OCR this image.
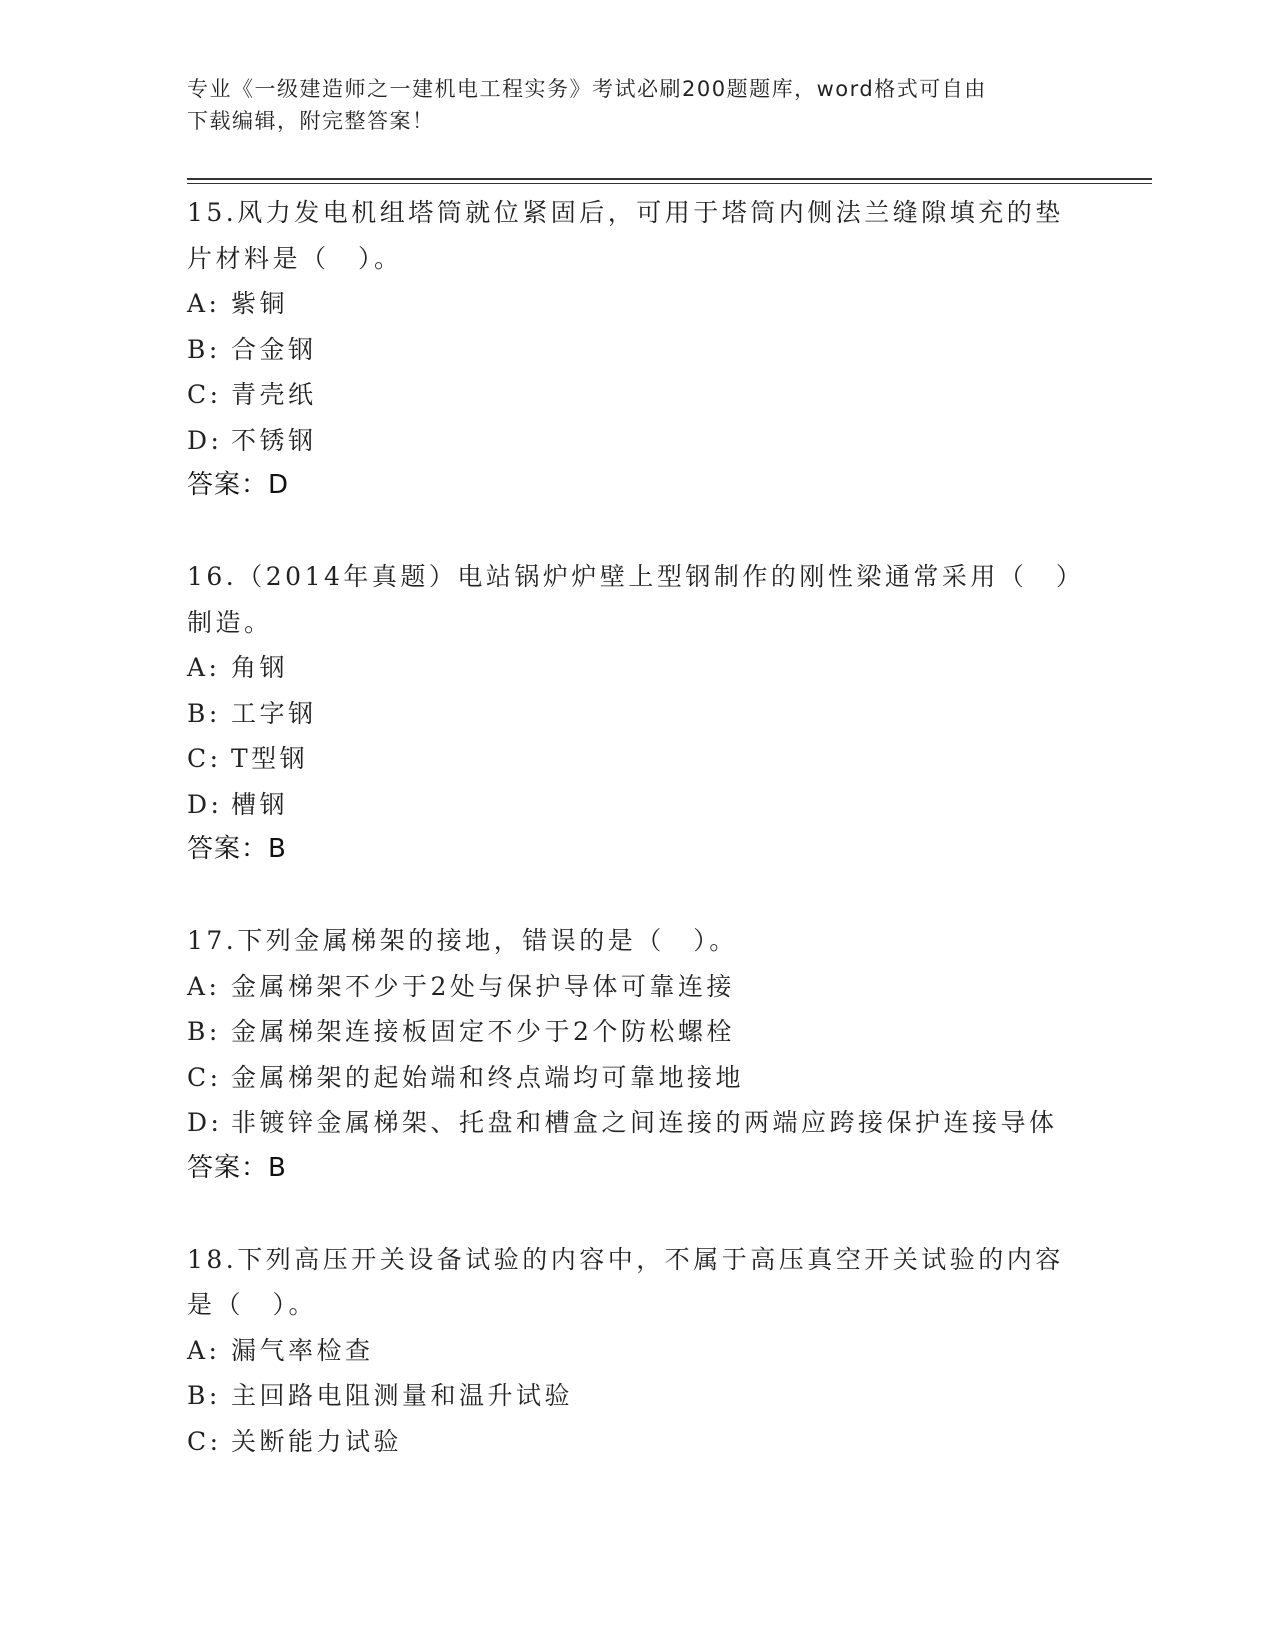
专业《一级建造师之一建机电工程实务》考试必刷200题题库，word格式可自由
下载编辑，附完整答案！
15.风力发电机组塔筒就位紧固后，可用于塔筒内侧法兰缝隙填充的垫
片材料是（　）。
A: 紫铜
B: 合金钢
C: 青壳纸
D: 不锈钢
答案：D
16.（2014年真题）电站锅炉炉壁上型钢制作的刚性梁通常采用（　）
制造。
A: 角钢
B: 工字钢
C: T型钢
D: 槽钢
答案：B
17.下列金属梯架的接地，错误的是（　）。
A: 金属梯架不少于2处与保护导体可靠连接
B: 金属梯架连接板固定不少于2个防松螺栓
C: 金属梯架的起始端和终点端均可靠地接地
D: 非镀锌金属梯架、托盘和槽盒之间连接的两端应跨接保护连接导体
答案：B
18.下列高压开关设备试验的内容中，不属于高压真空开关试验的内容
是（　）。
A: 漏气率检查
B: 主回路电阻测量和温升试验
C: 关断能力试验
